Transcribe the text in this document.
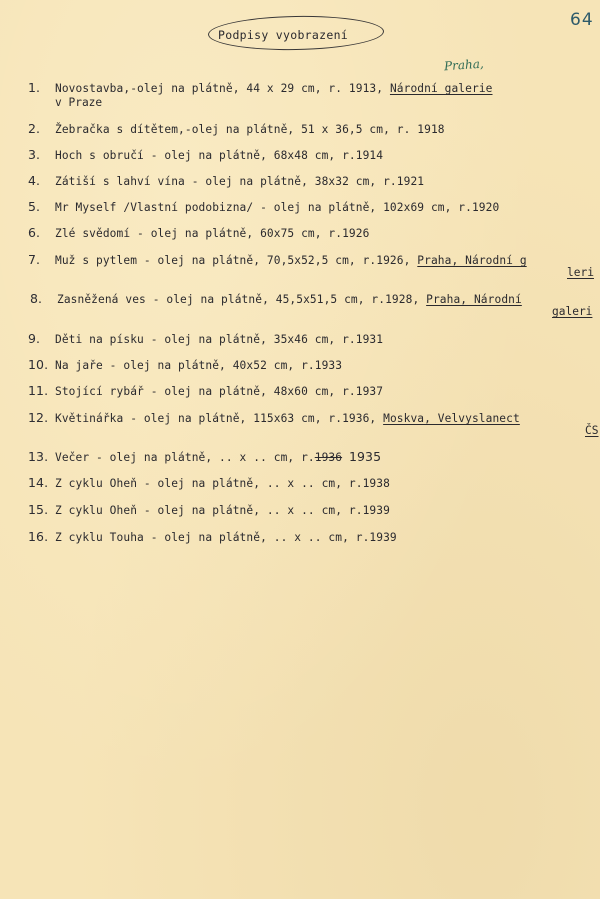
64
Podpisy vyobrazení
1. Novostavba,-olej na plátně, 44 x 29 cm, r. 1913, Národní galerie
Praha,
v Praze
2. Žebračka s dítětem,-olej na plátně, 51 x 36,5 cm, r. 1918
3. Hoch s obručí - olej na plátně, 68x48 cm, r.1914
4. Zátiší s lahví vína - olej na plátně, 38x32 cm, r.1921
5. Mr Myself /Vlastní podobizna/ - olej na plátně, 102x69 cm, r.1920
6. Zlé svědomí - olej na plátně, 60x75 cm, r.1926
7. Muž s pytlem - olej na plátně, 70,5x52,5 cm, r.1926, Praha, Národní g
leri
8. Zasněžená ves - olej na plátně, 45,5x51,5 cm, r.1928, Praha, Národní
galeri
9. Děti na písku - olej na plátně, 35x46 cm, r.1931
10. Na jaře - olej na plátně, 40x52 cm, r.1933
11. Stojící rybář - olej na plátně, 48x60 cm, r.1937
12. Květinářka - olej na plátně, 115x63 cm, r.1936, Moskva, Velvyslanect
ČS
13. Večer - olej na plátně, .. x .. cm, r.1936 1935
14. Z cyklu Oheň - olej na plátně, .. x .. cm, r.1938
15. Z cyklu Oheň - olej na plátně, .. x .. cm, r.1939
16. Z cyklu Touha - olej na plátně, .. x .. cm, r.1939
